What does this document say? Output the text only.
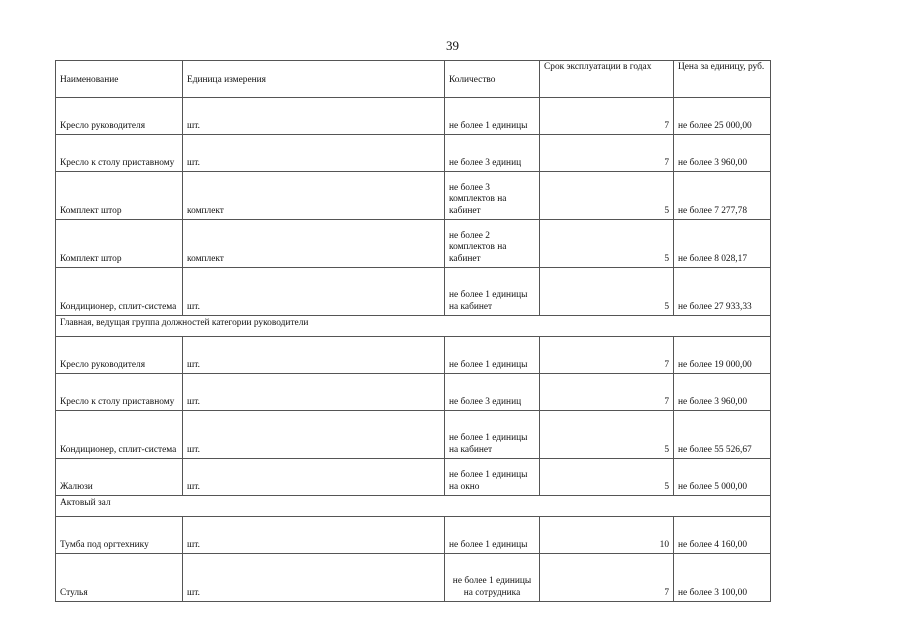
39
Наименование	Единица измерения	Количество	Срок эксплуатации в годах	Цена за единицу, руб.
Кресло руководителя	шт.	не более 1 единицы	7	не более 25 000,00
Кресло к столу приставному	шт.	не более 3 единиц	7	не более 3 960,00
Комплект штор	комплект	не более 3 комплектов на кабинет	5	не более 7 277,78
Комплект штор	комплект	не более 2 комплектов на кабинет	5	не более 8 028,17
Кондиционер, сплит-система	шт.	не более 1 единицы на кабинет	5	не более 27 933,33
Главная, ведущая группа должностей категории руководители				
Кресло руководителя	шт.	не более 1 единицы	7	не более 19 000,00
Кресло к столу приставному	шт.	не более 3 единиц	7	не более 3 960,00
Кондиционер, сплит-система	шт.	не более 1 единицы на кабинет	5	не более 55 526,67
Жалюзи	шт.	не более 1 единицы на окно	5	не более 5 000,00
Актовый зал				
Тумба под оргтехнику	шт.	не более 1 единицы	10	не более 4 160,00
Стулья	шт.	не более 1 единицы на сотрудника	7	не более 3 100,00
